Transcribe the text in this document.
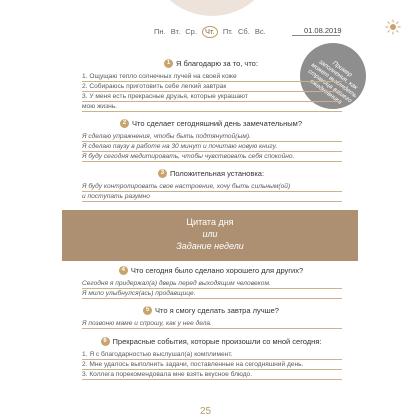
Пн. Вт. Ср. Чт. Пт. Сб. Вс.	01.08.2019
Пример заполнения, как может выглядеть страница вашего ежедневника
1 Я благодарю за то, что:
1. Ощущаю тепло солнечных лучей на своей коже
2. Собираюсь приготовить себе легкий завтрак
3. У меня есть прекрасные друзья, которые украшают
мою жизнь.
2 Что сделает сегодняшний день замечательным?
Я сделаю упражнения, чтобы быть подтянутой(ым).
Я сделаю паузу в работе на 30 минут и почитаю новую книгу.
Я буду сегодня медитировать, чтобы чувствовать себя спокойно.
3 Положительная установка:
Я буду контролировать свое настроение, хочу быть сильным(ой)
и поступать разумно
Цитата дня
или
Задание недели
4 Что сегодня было сделано хорошего для других?
Сегодня я придержал(а) дверь перед выходящим человеком.
Я мило улыбнулся(ась) продавщице.
5 Что я смогу сделать завтра лучше?
Я позвоню маме и спрошу, как у нее дела.
6 Прекрасные события, которые произошли со мной сегодня:
1. Я с благодарностью выслушал(а) комплимент.
2. Мне удалось выполнить задачи, поставленные на сегодняшний день.
3. Коллега порекомендовала мне взять вкусное блюдо.
25
